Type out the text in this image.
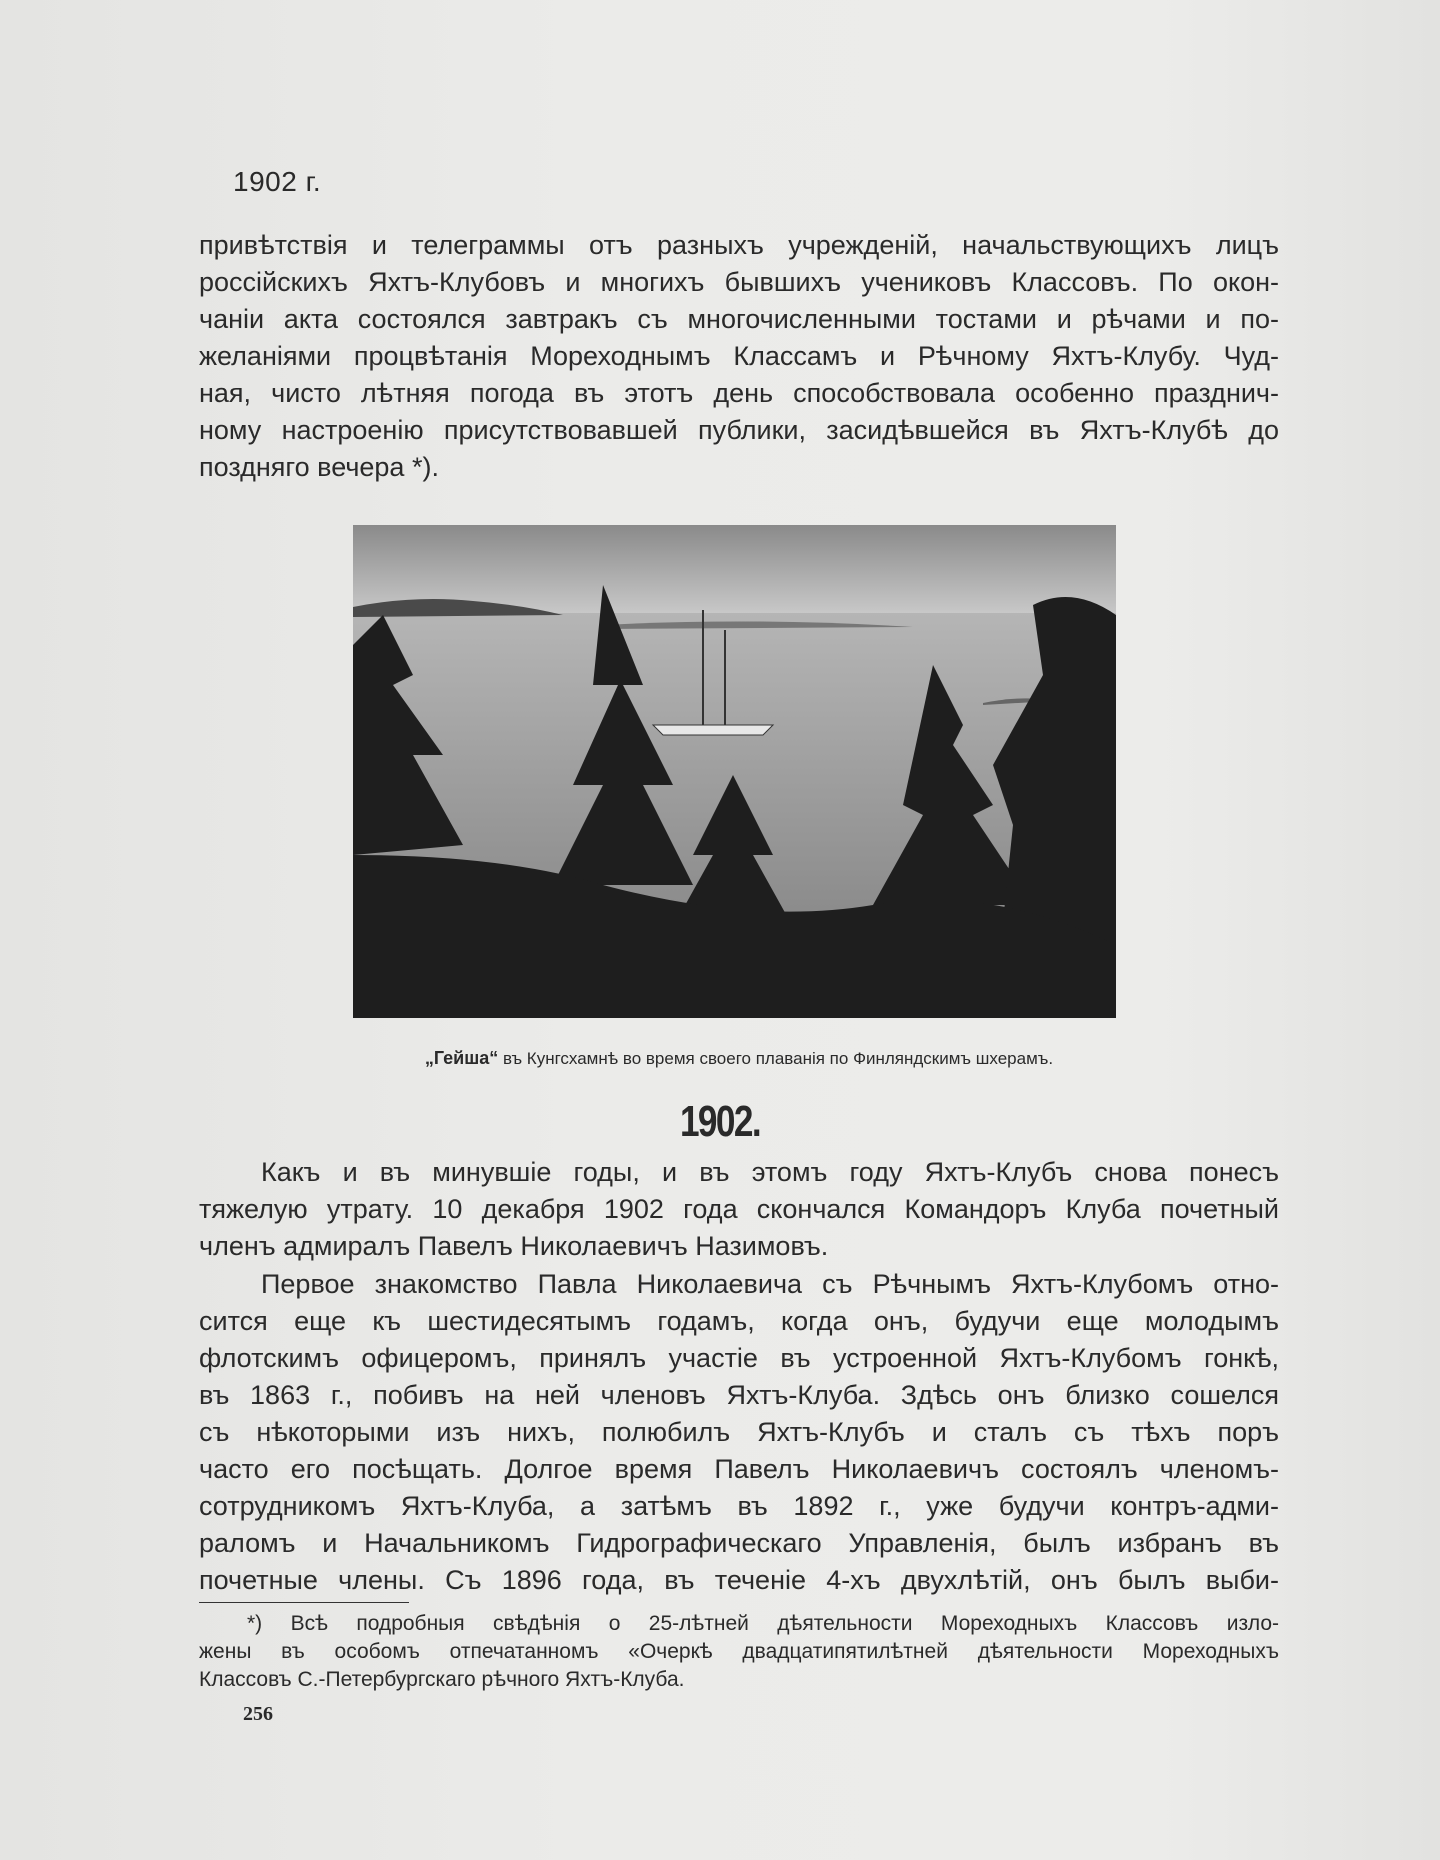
1902 г.
привѣтствія и телеграммы отъ разныхъ учрежденій, начальствующихъ лицъ
россійскихъ Яхтъ-Клубовъ и многихъ бывшихъ учениковъ Классовъ. По окон-
чаніи акта состоялся завтракъ съ многочисленными тостами и рѣчами и по-
желаніями процвѣтанія Мореходнымъ Классамъ и Рѣчному Яхтъ-Клубу. Чуд-
ная, чисто лѣтняя погода въ этотъ день способствовала особенно празднич-
ному настроенію присутствовавшей публики, засидѣвшейся въ Яхтъ-Клубѣ до
поздняго вечера *).
„Гейша“ въ Кунгсхамнѣ во время своего плаванія по Финляндскимъ шхерамъ.
1902.
Какъ и въ минувшіе годы, и въ этомъ году Яхтъ-Клубъ снова понесъ
тяжелую утрату. 10 декабря 1902 года скончался Командоръ Клуба почетный
членъ адмиралъ Павелъ Николаевичъ Назимовъ.
Первое знакомство Павла Николаевича съ Рѣчнымъ Яхтъ-Клубомъ отно-
сится еще къ шестидесятымъ годамъ, когда онъ, будучи еще молодымъ
флотскимъ офицеромъ, принялъ участіе въ устроенной Яхтъ-Клубомъ гонкѣ,
въ 1863 г., побивъ на ней членовъ Яхтъ-Клуба. Здѣсь онъ близко сошелся
съ нѣкоторыми изъ нихъ, полюбилъ Яхтъ-Клубъ и сталъ съ тѣхъ поръ
часто его посѣщать. Долгое время Павелъ Николаевичъ состоялъ членомъ-
сотрудникомъ Яхтъ-Клуба, а затѣмъ въ 1892 г., уже будучи контръ-адми-
раломъ и Начальникомъ Гидрографическаго Управленія, былъ избранъ въ
почетные члены. Съ 1896 года, въ теченіе 4-хъ двухлѣтій, онъ былъ выби-
*) Всѣ подробныя свѣдѣнія о 25-лѣтней дѣятельности Мореходныхъ Классовъ изло-
жены въ особомъ отпечатанномъ «Очеркѣ двадцатипятилѣтней дѣятельности Мореходныхъ
Классовъ С.-Петербургскаго рѣчного Яхтъ-Клуба.
256
